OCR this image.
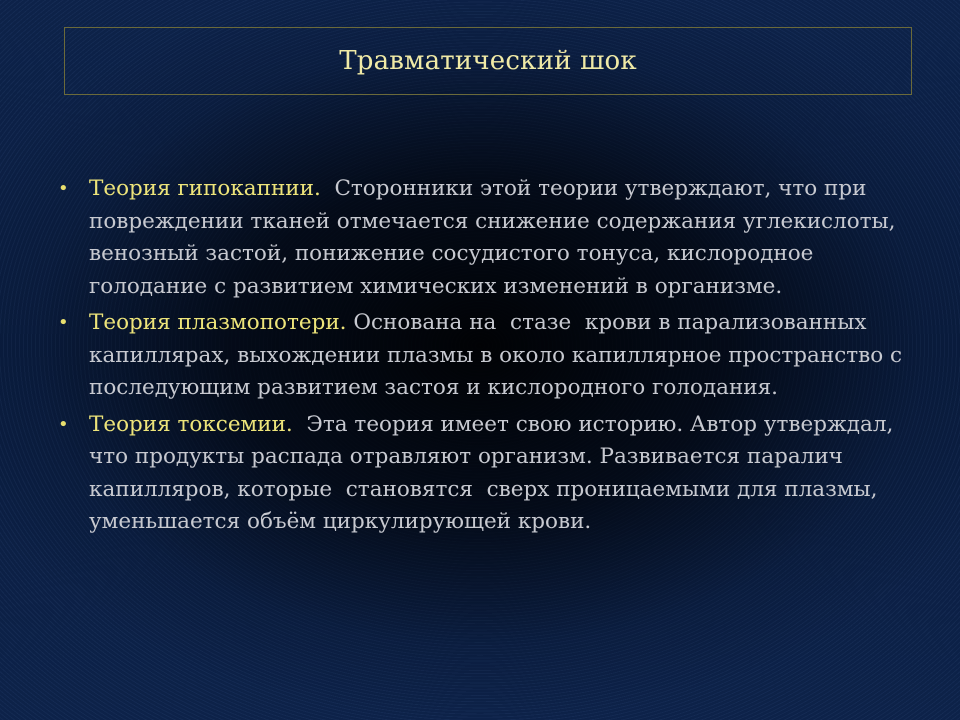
Травматический шок
• Теория гипокапнии.  Сторонники этой теории утверждают, что при повреждении тканей отмечается снижение содержания углекислоты, венозный застой, понижение сосудистого тонуса, кислородное голодание с развитием химических изменений в организме.
• Теория плазмопотери. Основана на  стазе  крови в парализованных капиллярах, выхождении плазмы в около капиллярное пространство с последующим развитием застоя и кислородного голодания.
• Теория токсемии.  Эта теория имеет свою историю. Автор утверждал, что продукты распада отравляют организм. Развивается паралич капилляров, которые  становятся  сверх проницаемыми для плазмы, уменьшается объём циркулирующей крови.
